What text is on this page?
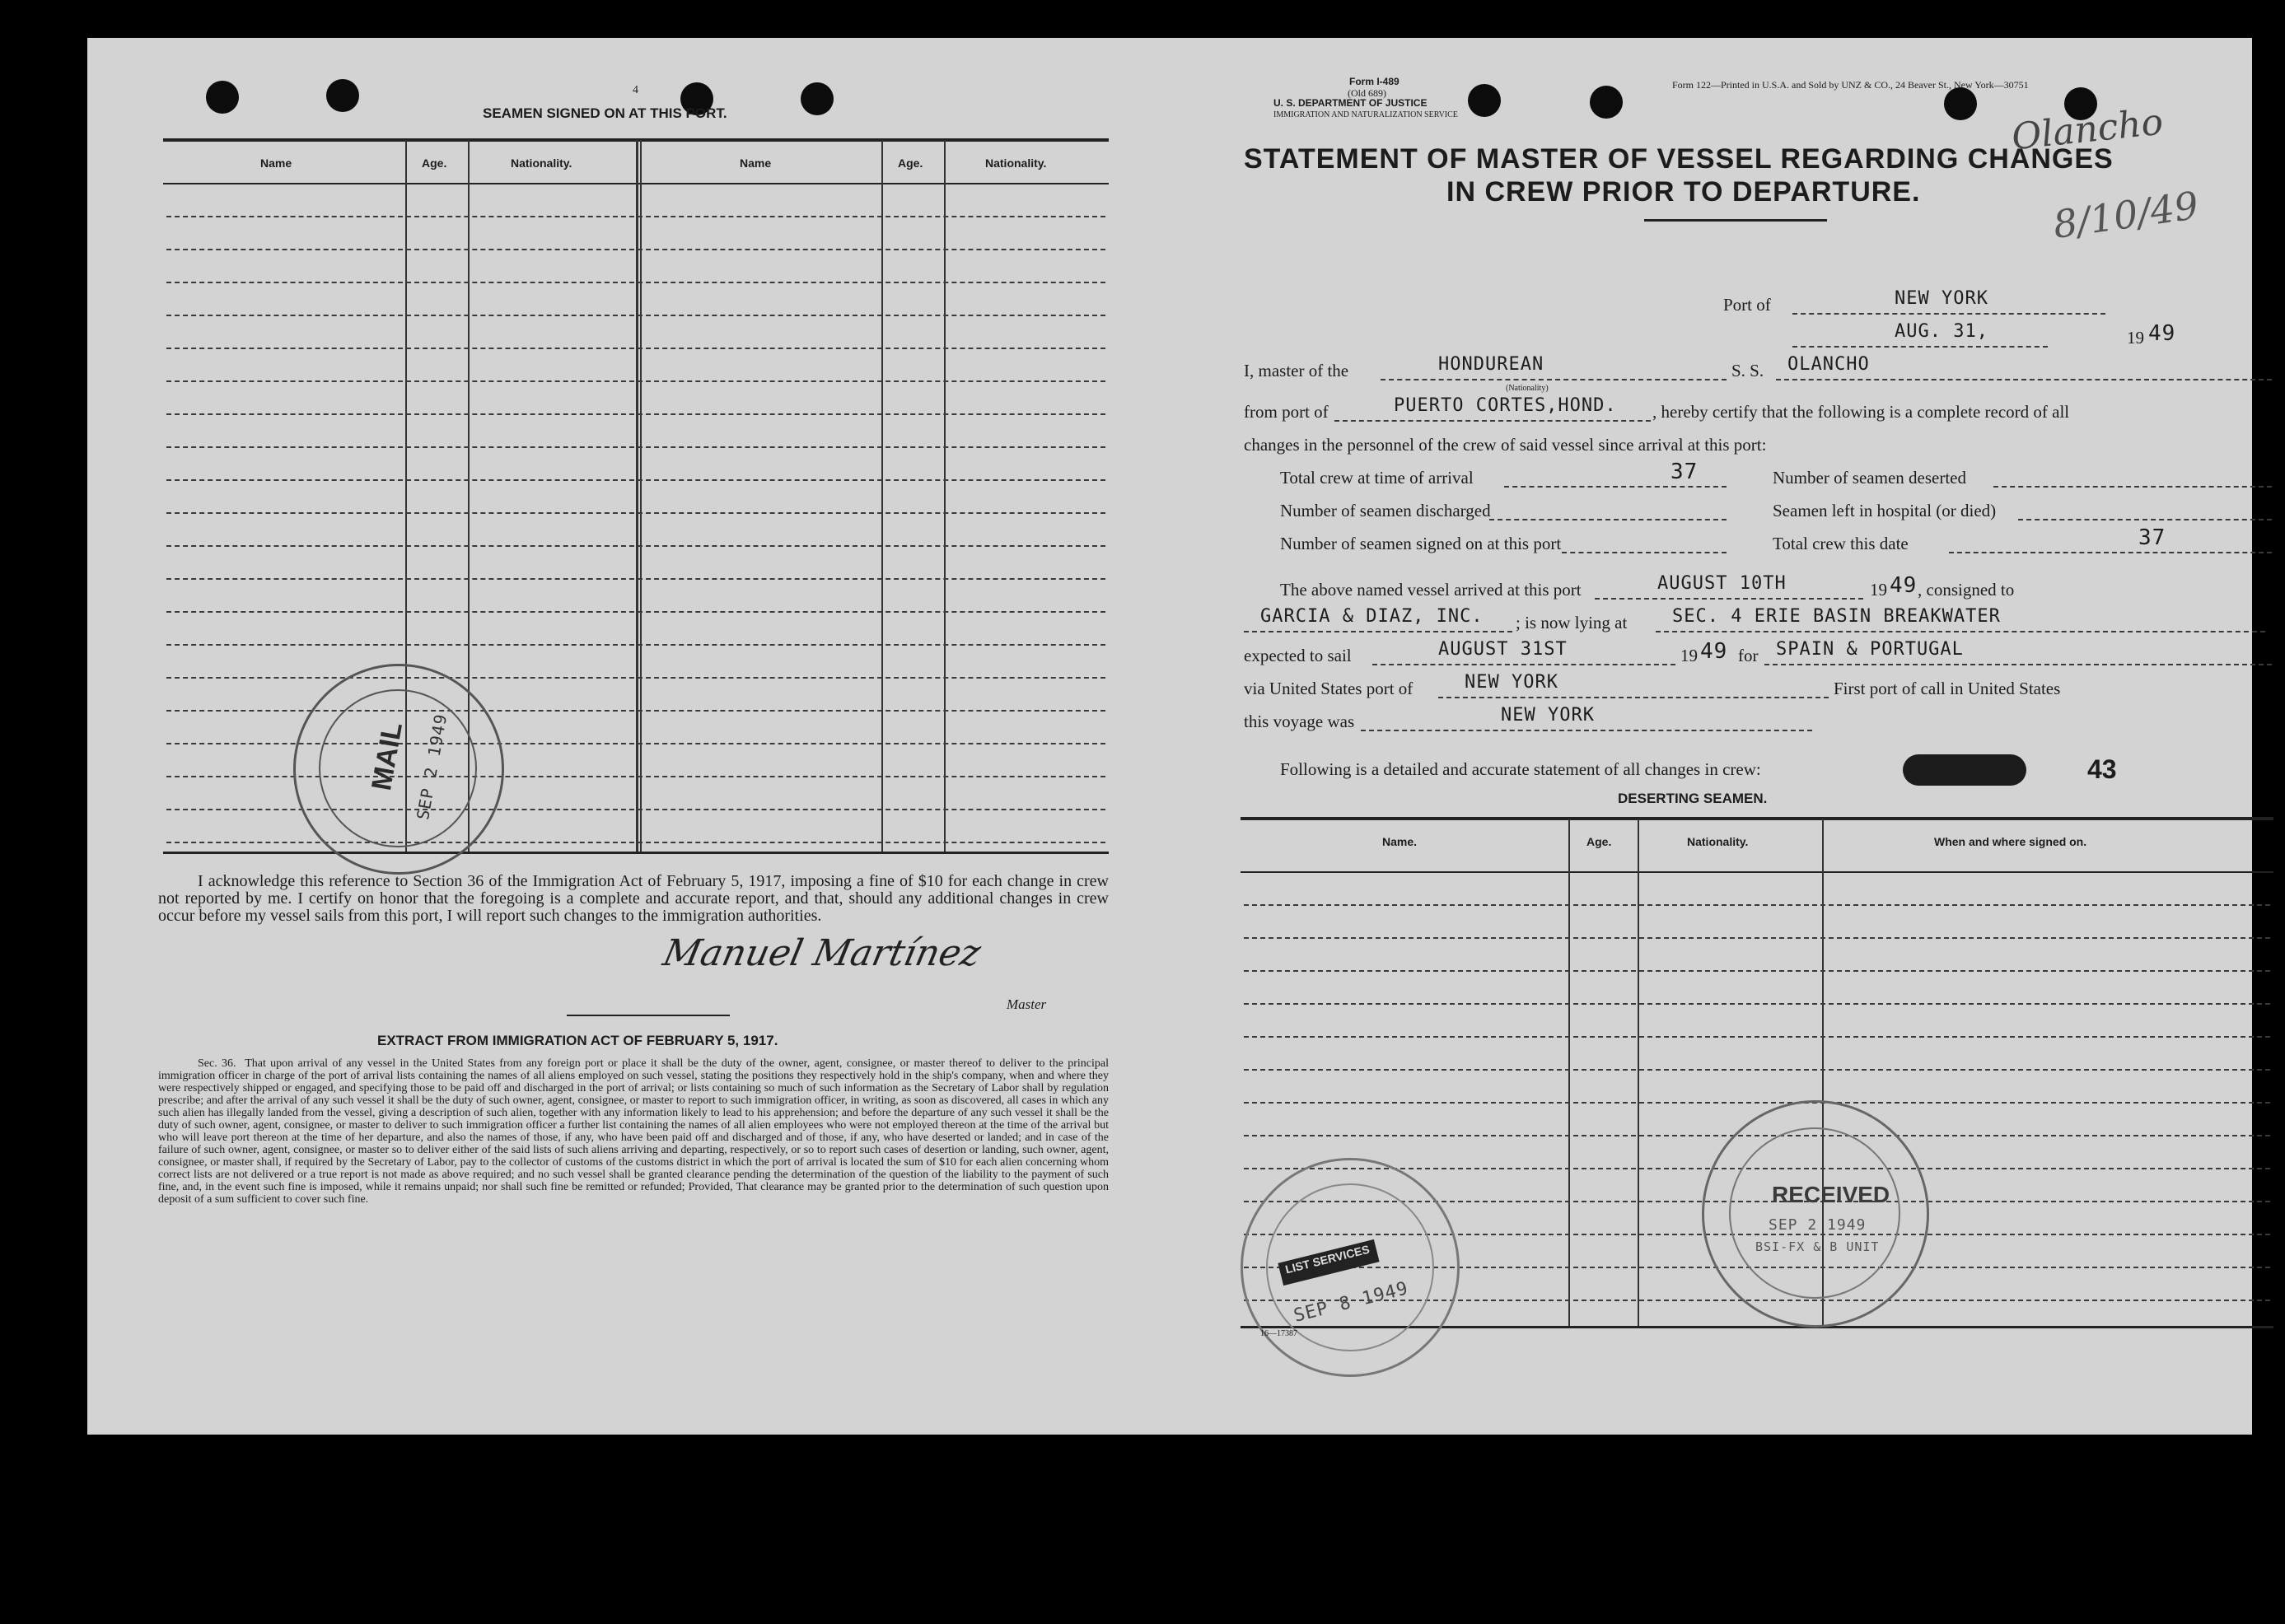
4
SEAMEN SIGNED ON AT THIS PORT.
Name	Age.	Nationality.	Name	Age.	Nationality.
MAIL SEP 2 1949
I acknowledge this reference to Section 36 of the Immigration Act of February 5, 1917, imposing a fine of $10 for each change in crew not reported by me. I certify on honor that the foregoing is a complete and accurate report, and that, should any additional changes in crew occur before my vessel sails from this port, I will report such changes to the immigration authorities.
Manuel Martínez
Master
EXTRACT FROM IMMIGRATION ACT OF FEBRUARY 5, 1917.
Sec. 36. That upon arrival of any vessel in the United States from any foreign port or place it shall be the duty of the owner, agent, consignee, or master thereof to deliver to the principal immigration officer in charge of the port of arrival lists containing the names of all aliens employed on such vessel, stating the positions they respectively hold in the ship's company, when and where they were respectively shipped or engaged, and specifying those to be paid off and discharged in the port of arrival; or lists containing so much of such information as the Secretary of Labor shall by regulation prescribe; and after the arrival of any such vessel it shall be the duty of such owner, agent, consignee, or master to report to such immigration officer, in writing, as soon as discovered, all cases in which any such alien has illegally landed from the vessel, giving a description of such alien, together with any information likely to lead to his apprehension; and before the departure of any such vessel it shall be the duty of such owner, agent, consignee, or master to deliver to such immigration officer a further list containing the names of all alien employees who were not employed thereon at the time of the arrival but who will leave port thereon at the time of her departure, and also the names of those, if any, who have been paid off and discharged and of those, if any, who have deserted or landed; and in case of the failure of such owner, agent, consignee, or master so to deliver either of the said lists of such aliens arriving and departing, respectively, or so to report such cases of desertion or landing, such owner, agent, consignee, or master shall, if required by the Secretary of Labor, pay to the collector of customs of the customs district in which the port of arrival is located the sum of $10 for each alien concerning whom correct lists are not delivered or a true report is not made as above required; and no such vessel shall be granted clearance pending the determination of the question of the liability to the payment of such fine, and, in the event such fine is imposed, while it remains unpaid; nor shall such fine be remitted or refunded; Provided, That clearance may be granted prior to the determination of such question upon deposit of a sum sufficient to cover such fine.
Form I-489
(Old 689)
U. S. DEPARTMENT OF JUSTICE
IMMIGRATION AND NATURALIZATION SERVICE
Form 122—Printed in U.S.A. and Sold by UNZ & CO., 24 Beaver St., New York—30751
Olancho
8/10/49
STATEMENT OF MASTER OF VESSEL REGARDING CHANGES
IN CREW PRIOR TO DEPARTURE.
Port of	NEW YORK
AUG. 31,	19 49
I, master of the	HONDUREAN
(Nationality)
S. S. OLANCHO
from port of	PUERTO CORTES,HOND. , hereby certify that the following is a complete record of all
changes in the personnel of the crew of said vessel since arrival at this port:
Total crew at time of arrival	37	Number of seamen deserted
Number of seamen discharged	Seamen left in hospital (or died)
Number of seamen signed on at this port	Total crew this date	37
The above named vessel arrived at this port	AUGUST 10TH	19 49 , consigned to
GARCIA & DIAZ, INC. ; is now lying at SEC. 4 ERIE BASIN BREAKWATER
expected to sail	AUGUST 31ST	19 49 for SPAIN & PORTUGAL
via United States port of	NEW YORK	First port of call in United States
this voyage was	NEW YORK
Following is a detailed and accurate statement of all changes in crew:	43
DESERTING SEAMEN.
Name.	Age.	Nationality.	When and where signed on.
RECEIVED
SEP 2 1949
BSI-FX & B UNIT
LIST SERVICES
SEP 8 1949
16—17387
